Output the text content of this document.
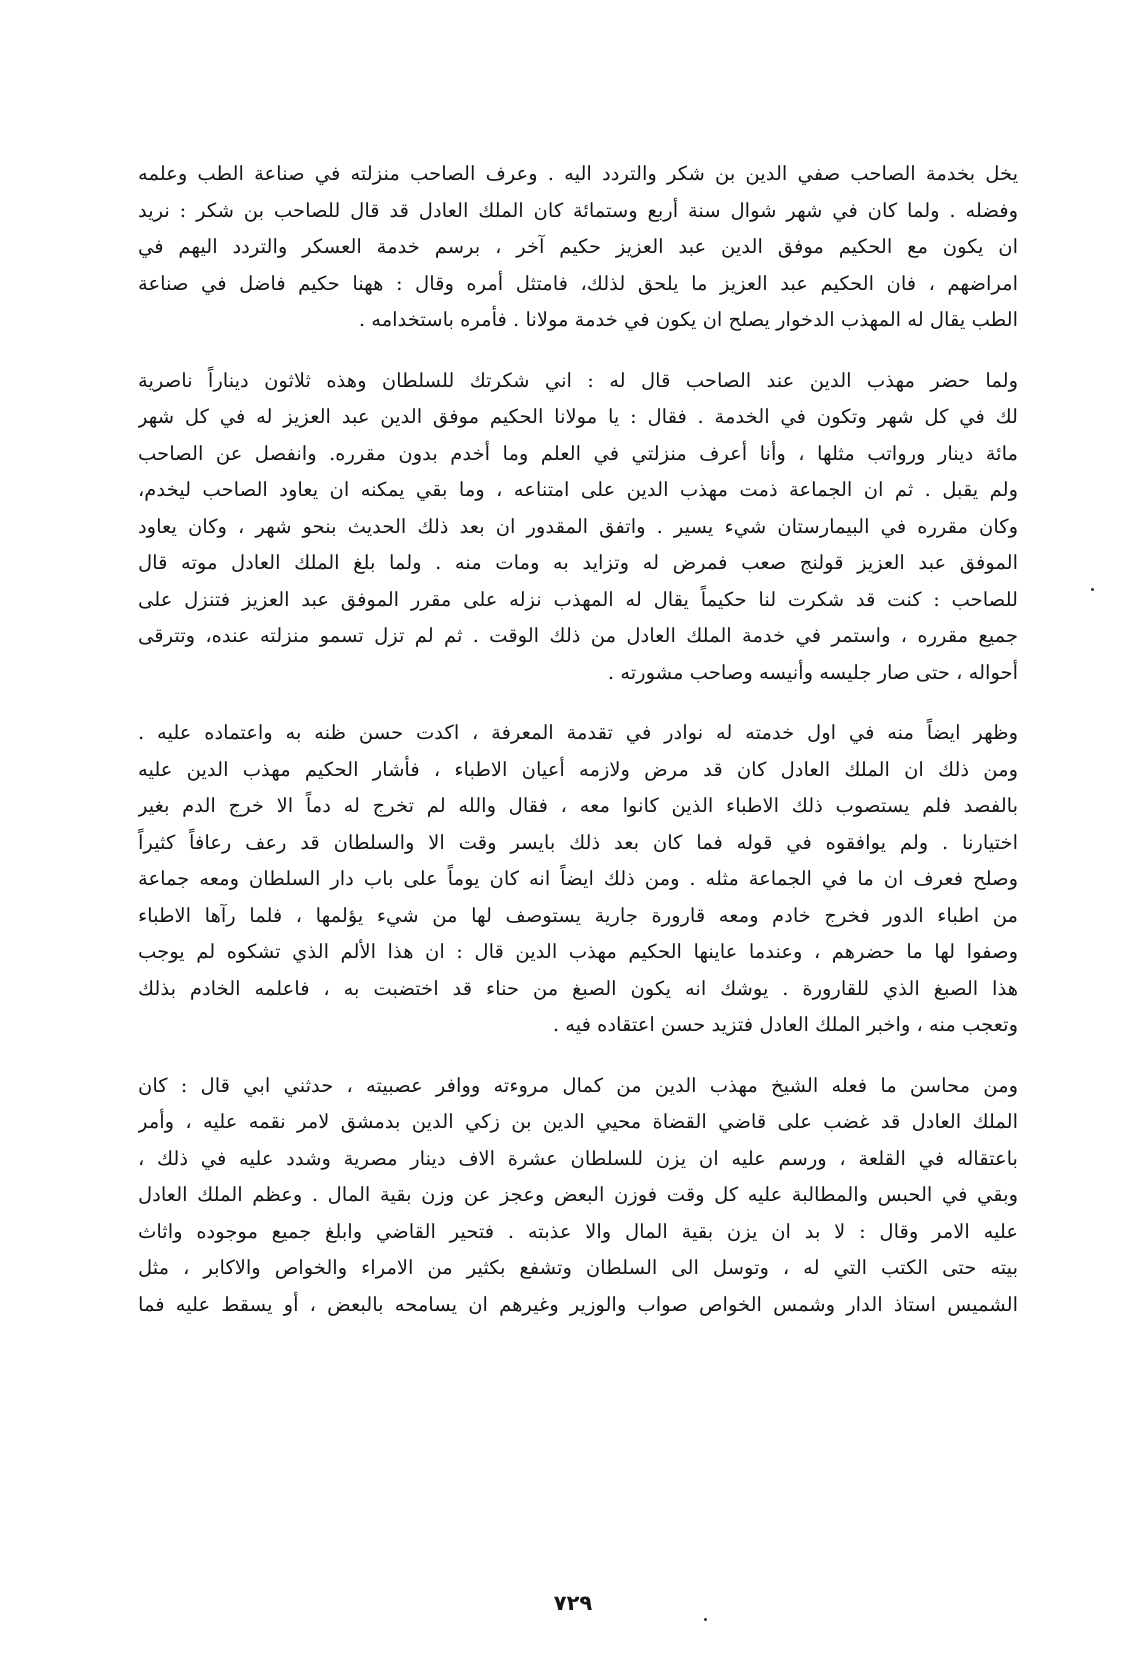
يخل بخدمة الصاحب صفي الدين بن شكر والتردد اليه . وعرف الصاحب منزلته في صناعة الطب وعلمه
وفضله . ولما كان في شهر شوال سنة أربع وستمائة كان الملك العادل قد قال للصاحب بن شكر : نريد
ان يكون مع الحكيم موفق الدين عبد العزيز حكيم آخر ، برسم خدمة العسكر والتردد اليهم في
امراضهم ، فان الحكيم عبد العزيز ما يلحق لذلك، فامتثل أمره وقال : ههنا حكيم فاضل في صناعة
الطب يقال له المهذب الدخوار يصلح ان يكون في خدمة مولانا . فأمره باستخدامه .
ولما حضر مهذب الدين عند الصاحب قال له : اني شكرتك للسلطان وهذه ثلاثون ديناراً ناصرية
لك في كل شهر وتكون في الخدمة . فقال : يا مولانا الحكيم موفق الدين عبد العزيز له في كل شهر
مائة دينار ورواتب مثلها ، وأنا أعرف منزلتي في العلم وما أخدم بدون مقرره. وانفصل عن الصاحب
ولم يقبل . ثم ان الجماعة ذمت مهذب الدين على امتناعه ، وما بقي يمكنه ان يعاود الصاحب ليخدم،
وكان مقرره في البيمارستان شيء يسير . واتفق المقدور ان بعد ذلك الحديث بنحو شهر ، وكان يعاود
الموفق عبد العزيز قولنج صعب فمرض له وتزايد به ومات منه . ولما بلغ الملك العادل موته قال
للصاحب : كنت قد شكرت لنا حكيماً يقال له المهذب نزله على مقرر الموفق عبد العزيز فتنزل على
جميع مقرره ، واستمر في خدمة الملك العادل من ذلك الوقت . ثم لم تزل تسمو منزلته عنده، وتترقى
أحواله ، حتى صار جليسه وأنيسه وصاحب مشورته .
وظهر ايضاً منه في اول خدمته له نوادر في تقدمة المعرفة ، اكدت حسن ظنه به واعتماده عليه .
ومن ذلك ان الملك العادل كان قد مرض ولازمه أعيان الاطباء ، فأشار الحكيم مهذب الدين عليه
بالفصد فلم يستصوب ذلك الاطباء الذين كانوا معه ، فقال والله لم تخرج له دماً الا خرج الدم بغير
اختيارنا . ولم يوافقوه في قوله فما كان بعد ذلك بايسر وقت الا والسلطان قد رعف رعافاً كثيراً
وصلح فعرف ان ما في الجماعة مثله . ومن ذلك ايضاً انه كان يوماً على باب دار السلطان ومعه جماعة
من اطباء الدور فخرج خادم ومعه قارورة جارية يستوصف لها من شيء يؤلمها ، فلما رآها الاطباء
وصفوا لها ما حضرهم ، وعندما عاينها الحكيم مهذب الدين قال : ان هذا الألم الذي تشكوه لم يوجب
هذا الصبغ الذي للقارورة . يوشك انه يكون الصبغ من حناء قد اختضبت به ، فاعلمه الخادم بذلك
وتعجب منه ، واخبر الملك العادل فتزيد حسن اعتقاده فيه .
ومن محاسن ما فعله الشيخ مهذب الدين من كمال مروءته ووافر عصبيته ، حدثني ابي قال : كان
الملك العادل قد غضب على قاضي القضاة محيي الدين بن زكي الدين بدمشق لامر نقمه عليه ، وأمر
باعتقاله في القلعة ، ورسم عليه ان يزن للسلطان عشرة الاف دينار مصرية وشدد عليه في ذلك ،
وبقي في الحبس والمطالبة عليه كل وقت فوزن البعض وعجز عن وزن بقية المال . وعظم الملك العادل
عليه الامر وقال : لا بد ان يزن بقية المال والا عذبته . فتحير القاضي وابلغ جميع موجوده واثاث
بيته حتى الكتب التي له ، وتوسل الى السلطان وتشفع بكثير من الامراء والخواص والاكابر ، مثل
الشميس استاذ الدار وشمس الخواص صواب والوزير وغيرهم ان يسامحه بالبعض ، أو يسقط عليه فما
٧٢٩
